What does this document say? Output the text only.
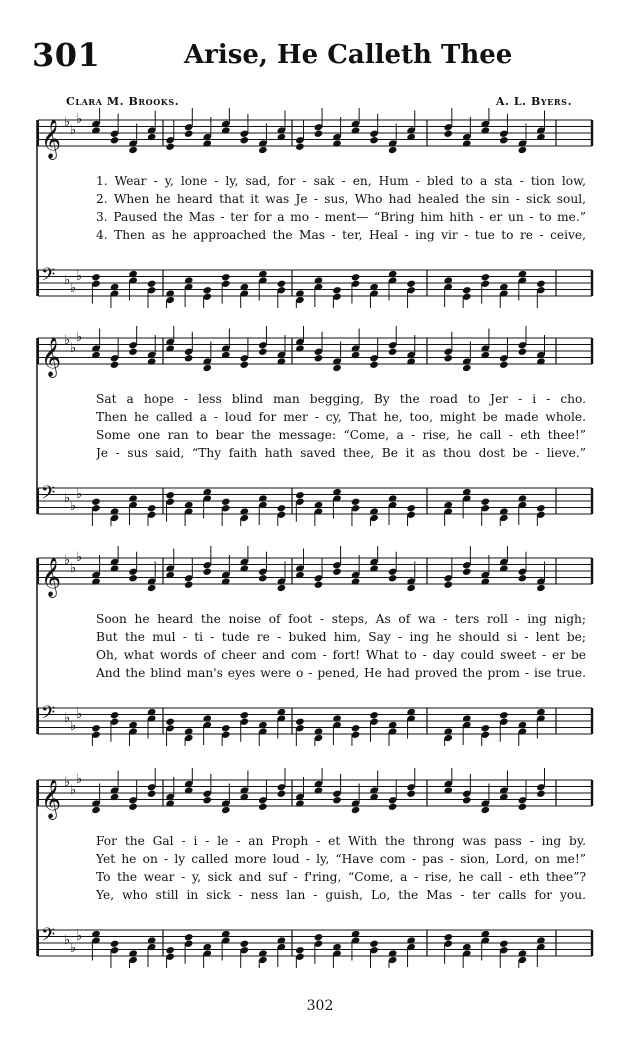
301	Arise, He Calleth Thee
Clara M. Brooks.	A. L. Byers.
𝄞 ♭
♭
♭
𝄢 ♭
♭
♭
1. Wear - y, lone - ly, sad, for - sak - en, Hum - bled to a sta - tion low,
2. When he heard that it was Je - sus, Who had healed the sin - sick soul,
3. Paused the Mas - ter for a mo - ment— “Bring him hith - er un - to me.”
4. Then as he approached the Mas - ter, Heal - ing vir - tue to re - ceive,
𝄞 ♭
♭
♭
𝄢 ♭
♭
♭
Sat a hope - less blind man begging, By the road to Jer - i - cho.
Then he called a - loud for mer - cy, That he, too, might be made whole.
Some one ran to bear the message: “Come, a - rise, he call - eth thee!”
Je - sus said, “Thy faith hath saved thee, Be it as thou dost be - lieve.”
𝄞 ♭
♭
♭
𝄢 ♭
♭
♭
Soon he heard the noise of foot - steps, As of wa - ters roll - ing nigh;
But the mul - ti - tude re - buked him, Say - ing he should si - lent be;
Oh, what words of cheer and com - fort! What to - day could sweet - er be
And the blind man's eyes were o - pened, He had proved the prom - ise true.
𝄞 ♭
♭
♭
𝄢 ♭
♭
♭
For the Gal - i - le - an Proph - et With the throng was pass - ing by.
Yet he on - ly called more loud - ly, “Have com - pas - sion, Lord, on me!”
To the wear - y, sick and suf - f'ring, “Come, a - rise, he call - eth thee”?
Ye, who still in sick - ness lan - guish, Lo, the Mas - ter calls for you.
302
